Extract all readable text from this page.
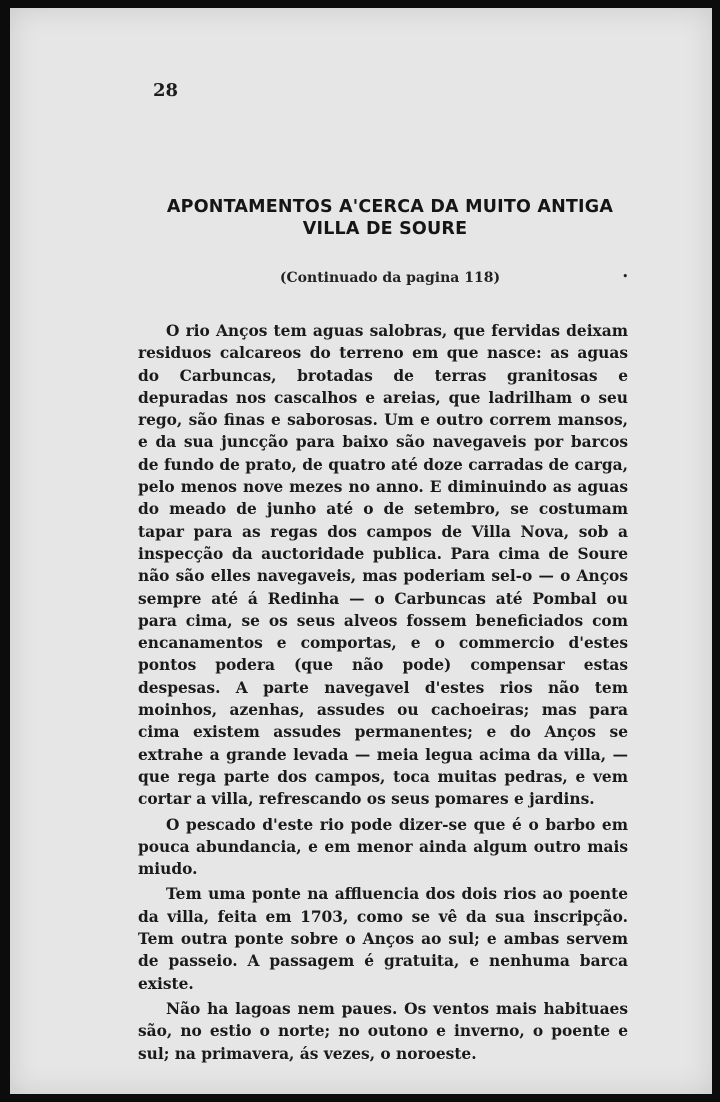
28
APONTAMENTOS A'CERCA DA MUITO ANTIGA
VILLA DE SOURE
(Continuado da pagina 118)

O rio Anços tem aguas salobras, que fervidas deixam residuos calcareos do terreno em que nasce: as aguas do Carbuncas, brotadas de terras granitosas e depuradas nos cascalhos e areias, que ladrilham o seu rego, são finas e saborosas. Um e outro correm mansos, e da sua juncção para baixo são navegaveis por barcos de fundo de prato, de quatro até doze carradas de carga, pelo menos nove mezes no anno. E diminuindo as aguas do meado de junho até o de setembro, se costumam tapar para as regas dos campos de Villa Nova, sob a inspecção da auctoridade publica. Para cima de Soure não são elles navegaveis, mas poderiam sel-o — o Anços sempre até á Redinha — o Carbuncas até Pombal ou para cima, se os seus alveos fossem beneficiados com encanamentos e comportas, e o commercio d'estes pontos podera (que não pode) compensar estas despesas. A parte navegavel d'estes rios não tem moinhos, azenhas, assudes ou cachoeiras; mas para cima existem assudes permanentes; e do Anços se extrahe a grande levada — meia legua acima da villa, — que rega parte dos campos, toca muitas pedras, e vem cortar a villa, refrescando os seus pomares e jardins.

O pescado d'este rio pode dizer-se que é o barbo em pouca abundancia, e em menor ainda algum outro mais miudo.

Tem uma ponte na affluencia dos dois rios ao poente da villa, feita em 1703, como se vê da sua inscripção. Tem outra ponte sobre o Anços ao sul; e ambas servem de passeio. A passagem é gratuita, e nenhuma barca existe.

Não ha lagoas nem paues. Os ventos mais habituaes são, no estio o norte; no outono e inverno, o poente e sul; na primavera, ás vezes, o noroeste.

•
